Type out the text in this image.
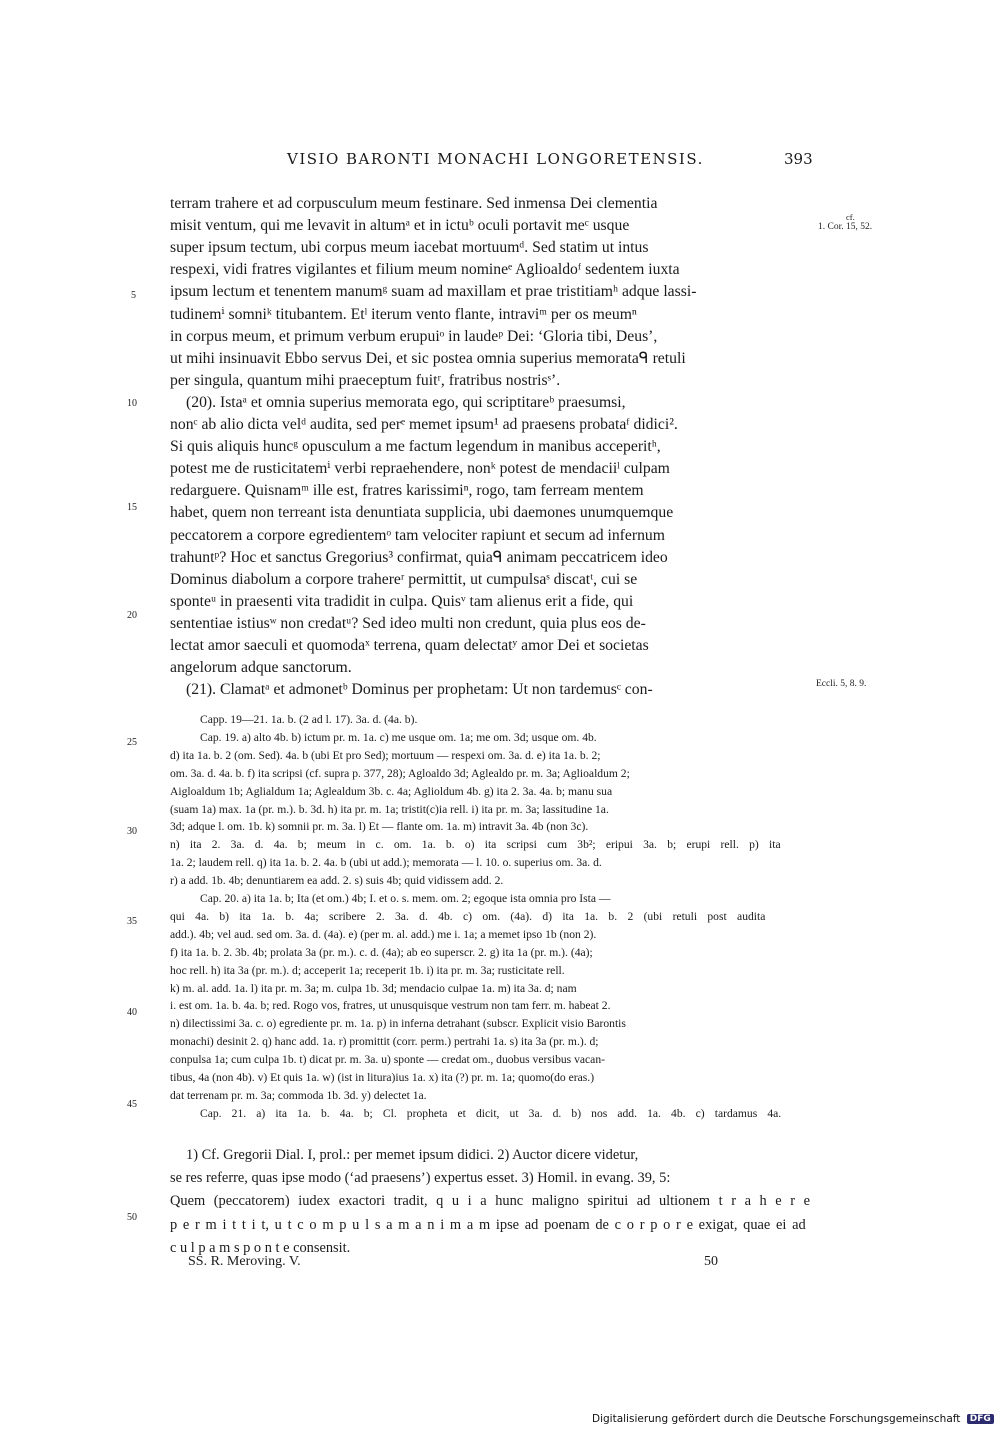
VISIO BARONTI MONACHI LONGORETENSIS.	393
terram trahere et ad corpusculum meum festinare. Sed inmensa Dei clementia
misit ventum, qui me levavit in altumᵃ et in ictuᵇ oculi portavit meᶜ usque
super ipsum tectum, ubi corpus meum iacebat mortuumᵈ. Sed statim ut intus
respexi, vidi fratres vigilantes et filium meum nomineᵉ Aglioaldoᶠ sedentem iuxta
ipsum lectum et tenentem manumᵍ suam ad maxillam et prae tristitiamʰ adque lassi-
tudinemⁱ somniᵏ titubantem. Etˡ iterum vento flante, intraviᵐ per os meumⁿ
in corpus meum, et primum verbum erupuiᵒ in laudeᵖ Dei: ‘Gloria tibi, Deus’,
ut mihi insinuavit Ebbo servus Dei, et sic postea omnia superius memorataᑫ retuli
per singula, quantum mihi praeceptum fuitʳ, fratribus nostrisˢ’.
(20). Istaᵃ et omnia superius memorata ego, qui scriptitareᵇ praesumsi,
nonᶜ ab alio dicta velᵈ audita, sed perᵉ memet ipsum¹ ad praesens probataᶠ didici².
Si quis aliquis huncᵍ opusculum a me factum legendum in manibus acceperitʰ,
potest me de rusticitatemⁱ verbi repraehendere, nonᵏ potest de mendaciiˡ culpam
redarguere. Quisnamᵐ ille est, fratres karissimiⁿ, rogo, tam ferream mentem
habet, quem non terreant ista denuntiata supplicia, ubi daemones unumquemque
peccatorem a corpore egredientemᵒ tam velociter rapiunt et secum ad infernum
trahuntᵖ? Hoc et sanctus Gregorius³ confirmat, quiaᑫ animam peccatricem ideo
Dominus diabolum a corpore trahereʳ permittit, ut cumpulsaˢ discatᵗ, cui se
sponteᵘ in praesenti vita tradidit in culpa. Quisᵛ tam alienus erit a fide, qui
sententiae istiusʷ non credatᵘ? Sed ideo multi non credunt, quia plus eos de-
lectat amor saeculi et quomodaˣ terrena, quam delectatʸ amor Dei et societas
angelorum adque sanctorum.
(21). Clamatᵃ et admonetᵇ Dominus per prophetam: Ut non tardemusᶜ con-
cf.
1. Cor. 15, 52.
Eccli. 5, 8. 9.
5
10
15
20
25
30
35
40
45
50
Capp. 19—21. 1a. b. (2 ad l. 17). 3a. d. (4a. b).
Cap. 19. a) alto 4b. b) ictum pr. m. 1a. c) me usque om. 1a; me om. 3d; usque om. 4b.
d) ita 1a. b. 2 (om. Sed). 4a. b (ubi Et pro Sed); mortuum — respexi om. 3a. d. e) ita 1a. b. 2;
om. 3a. d. 4a. b. f) ita scripsi (cf. supra p. 377, 28); Agloaldo 3d; Aglealdo pr. m. 3a; Aglioaldum 2;
Aigloaldum 1b; Aglialdum 1a; Aglealdum 3b. c. 4a; Aglioldum 4b. g) ita 2. 3a. 4a. b; manu sua
(suam 1a) max. 1a (pr. m.). b. 3d. h) ita pr. m. 1a; tristit(c)ia rell. i) ita pr. m. 3a; lassitudine 1a.
3d; adque l. om. 1b. k) somnii pr. m. 3a. l) Et — flante om. 1a. m) intravit 3a. 4b (non 3c).
n) ita 2. 3a. d. 4a. b; meum in c. om. 1a. b. o) ita scripsi cum 3b²; eripui 3a. b; erupi rell. p) ita
1a. 2; laudem rell. q) ita 1a. b. 2. 4a. b (ubi ut add.); memorata — l. 10. o. superius om. 3a. d.
r) a add. 1b. 4b; denuntiarem ea add. 2. s) suis 4b; quid vidissem add. 2.
Cap. 20. a) ita 1a. b; Ita (et om.) 4b; I. et o. s. mem. om. 2; egoque ista omnia pro Ista —
qui 4a. b) ita 1a. b. 4a; scribere 2. 3a. d. 4b. c) om. (4a). d) ita 1a. b. 2 (ubi retuli post audita
add.). 4b; vel aud. sed om. 3a. d. (4a). e) (per m. al. add.) me i. 1a; a memet ipso 1b (non 2).
f) ita 1a. b. 2. 3b. 4b; prolata 3a (pr. m.). c. d. (4a); ab eo superscr. 2. g) ita 1a (pr. m.). (4a);
hoc rell. h) ita 3a (pr. m.). d; acceperit 1a; receperit 1b. i) ita pr. m. 3a; rusticitate rell.
k) m. al. add. 1a. l) ita pr. m. 3a; m. culpa 1b. 3d; mendacio culpae 1a. m) ita 3a. d; nam
i. est om. 1a. b. 4a. b; red. Rogo vos, fratres, ut unusquisque vestrum non tam ferr. m. habeat 2.
n) dilectissimi 3a. c. o) egrediente pr. m. 1a. p) in inferna detrahant (subscr. Explicit visio Barontis
monachi) desinit 2. q) hanc add. 1a. r) promittit (corr. perm.) pertrahi 1a. s) ita 3a (pr. m.). d;
conpulsa 1a; cum culpa 1b. t) dicat pr. m. 3a. u) sponte — credat om., duobus versibus vacan-
tibus, 4a (non 4b). v) Et quis 1a. w) (ist in litura)ius 1a. x) ita (?) pr. m. 1a; quomo(do eras.)
dat terrenam pr. m. 3a; commoda 1b. 3d. y) delectet 1a.
Cap. 21. a) ita 1a. b. 4a. b; Cl. propheta et dicit, ut 3a. d. b) nos add. 1a. 4b. c) tardamus 4a.
1) Cf. Gregorii Dial. I, prol.: per memet ipsum didici. 2) Auctor dicere videtur,
se res referre, quas ipse modo (‘ad praesens’) expertus esset. 3) Homil. in evang. 39, 5:
Quem (peccatorem) iudex exactori tradit, q u i a hunc maligno spiritui ad ultionem t r a h e r e
p e r m i t t i t, u t c o m p u l s a m a n i m a m ipse ad poenam de c o r p o r e exigat, quae ei ad
c u l p a m s p o n t e consensit.
SS. R. Meroving. V.	50
Digitalisierung gefördert durch die Deutsche Forschungsgemeinschaft DFG
